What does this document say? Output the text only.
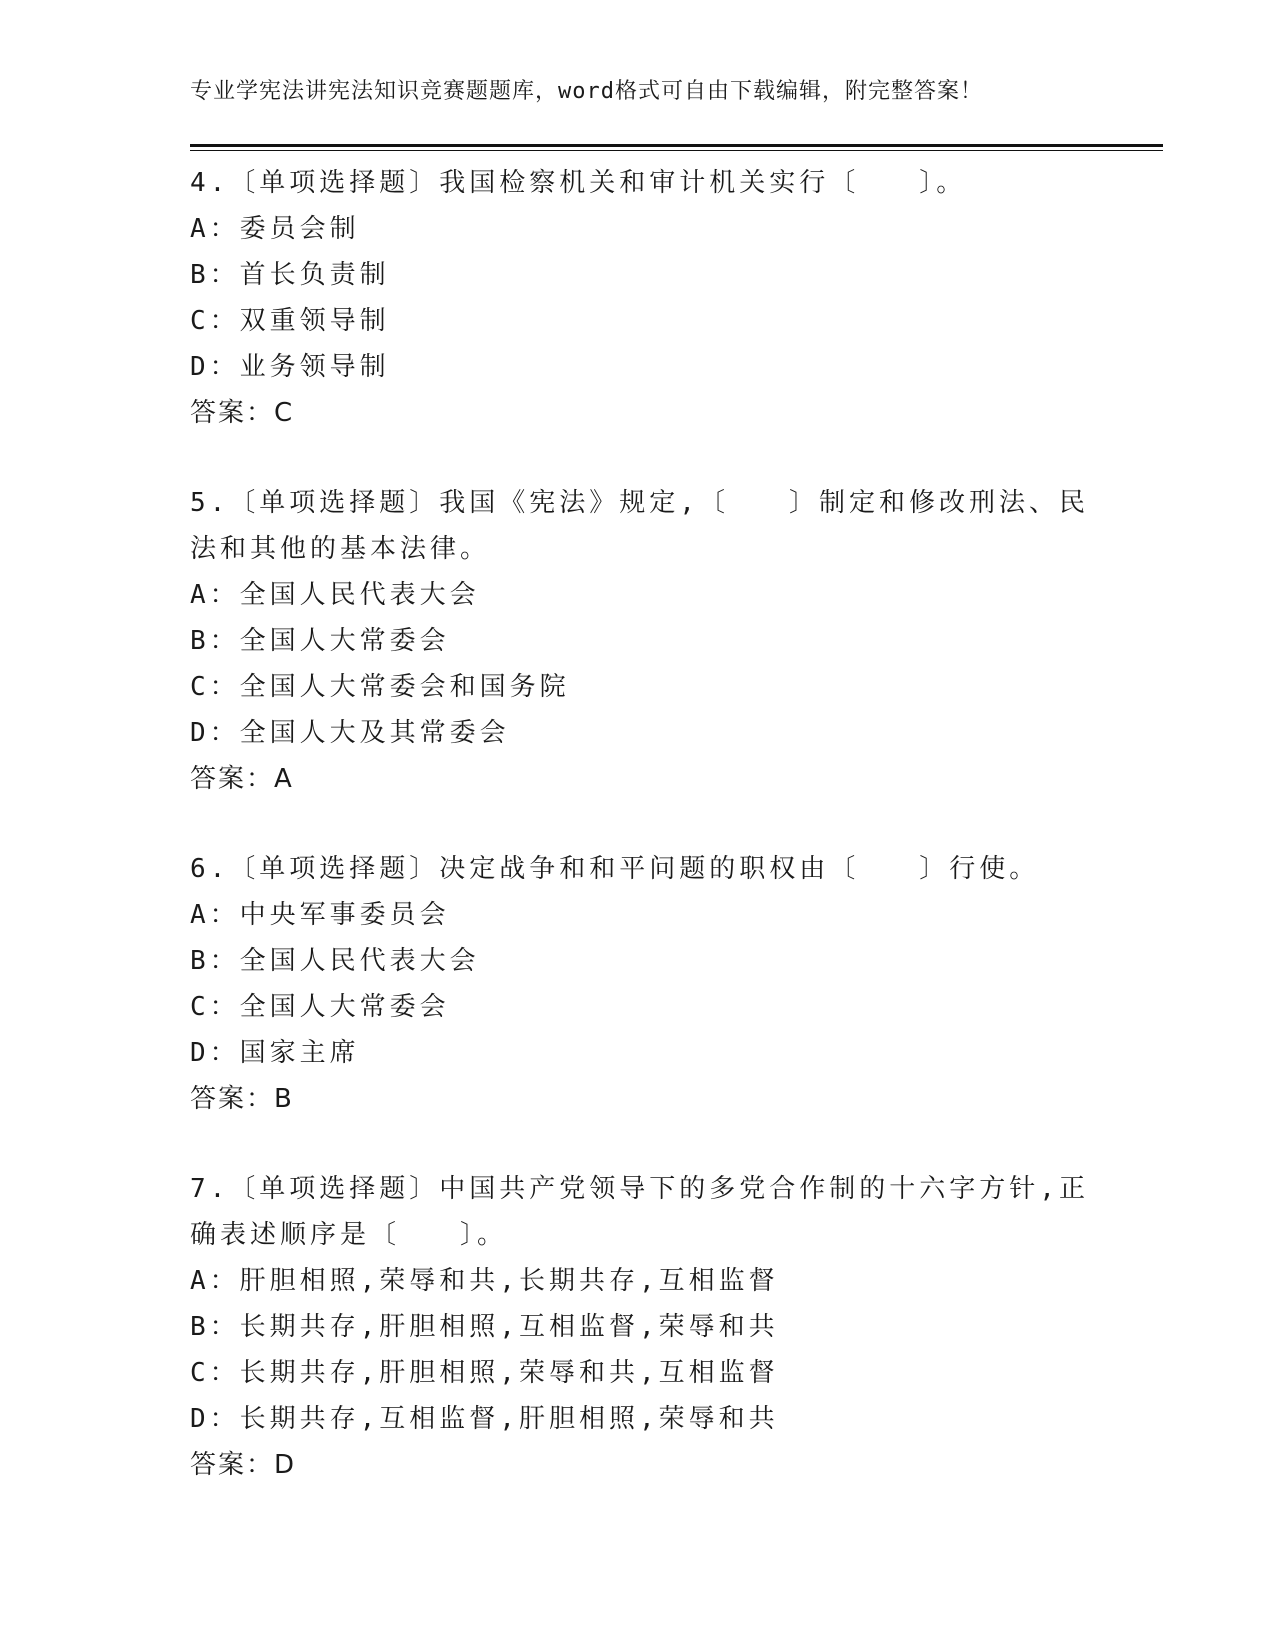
专业学宪法讲宪法知识竞赛题题库，word格式可自由下载编辑，附完整答案！
4.〔单项选择题〕我国检察机关和审计机关实行〔　　〕。
A：委员会制
B：首长负责制
C：双重领导制
D：业务领导制
答案：C
5.〔单项选择题〕我国《宪法》规定,〔　　〕制定和修改刑法、民法和其他的基本法律。
A：全国人民代表大会
B：全国人大常委会
C：全国人大常委会和国务院
D：全国人大及其常委会
答案：A
6.〔单项选择题〕决定战争和和平问题的职权由〔　　〕行使。
A：中央军事委员会
B：全国人民代表大会
C：全国人大常委会
D：国家主席
答案：B
7.〔单项选择题〕中国共产党领导下的多党合作制的十六字方针,正确表述顺序是〔　　〕。
A：肝胆相照,荣辱和共,长期共存,互相监督
B：长期共存,肝胆相照,互相监督,荣辱和共
C：长期共存,肝胆相照,荣辱和共,互相监督
D：长期共存,互相监督,肝胆相照,荣辱和共
答案：D
